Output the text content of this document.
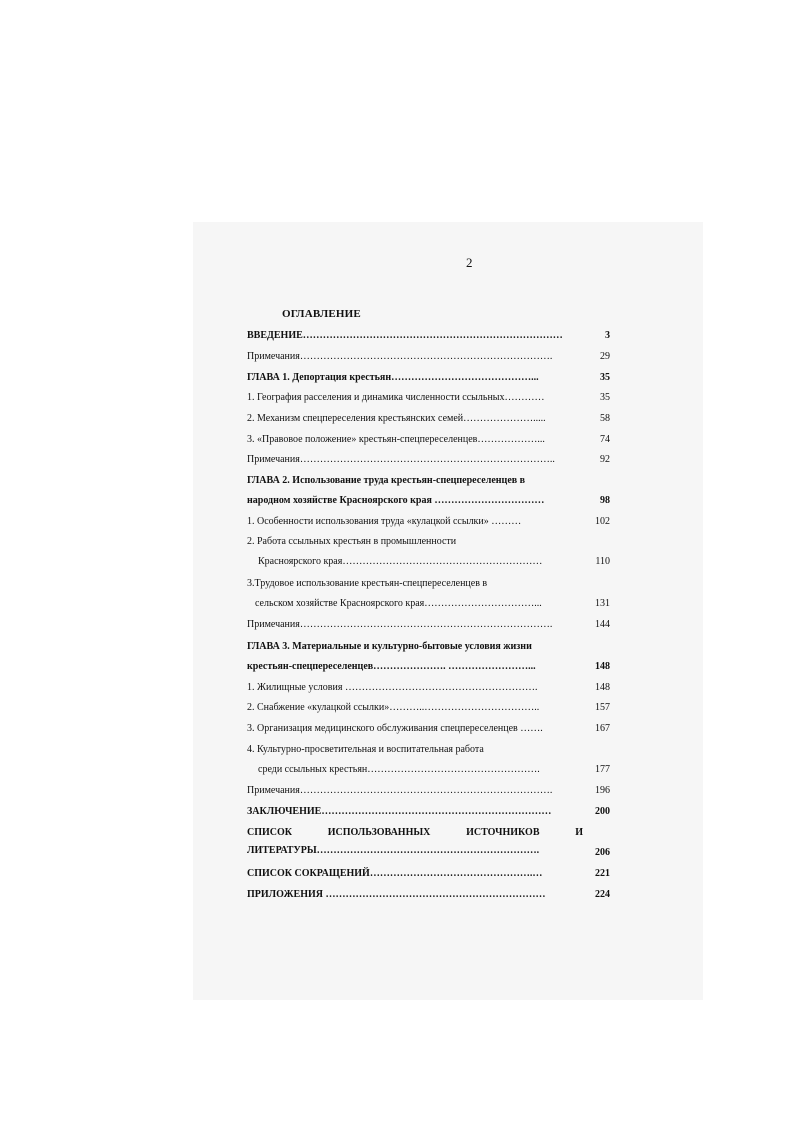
2
ОГЛАВЛЕНИЕ
ВВЕДЕНИЕ……………………………………………………………………	3
Примечания………………………………………………………………….	29
ГЛАВА 1. Депортация крестьян……………………………………...	35
1. География расселения и динамика численности ссыльных…………	35
2. Механизм спецпереселения крестьянских семей………………….....	58
3. «Правовое положение» крестьян-спецпереселенцев………………...	74
Примечания…………………………………………………………………..	92
ГЛАВА 2. Использование труда крестьян-спецпереселенцев в
народном хозяйстве Красноярского края ……………………………	98
1. Особенности использования труда «кулацкой ссылки» ………	102
2. Работа ссыльных крестьян в промышленности
Красноярского края……………………………………………………	110
3.Трудовое использование крестьян-спецпереселенцев в
сельском хозяйстве Красноярского края……………………………...	131
Примечания………………………………………………………………….	144
ГЛАВА 3. Материальные и культурно-бытовые условия жизни
крестьян-спецпереселенцев…………………. ……………………...	148
1. Жилищные условия ………………………………………………….	148
2. Снабжение «кулацкой ссылки»………..……………………………..	157
3. Организация медицинского обслуживания спецпереселенцев …….	167
4. Культурно-просветительная и воспитательная работа
среди ссыльных крестьян…………………………………………….	177
Примечания………………………………………………………………….	196
ЗАКЛЮЧЕНИЕ……………………………………………………………	200
СПИСОК	ИСПОЛЬЗОВАННЫХ	ИСТОЧНИКОВ	И
ЛИТЕРАТУРЫ………………………………………………………….	206
СПИСОК СОКРАЩЕНИЙ………………………………………….…	221
ПРИЛОЖЕНИЯ …………………………………………………………	224
